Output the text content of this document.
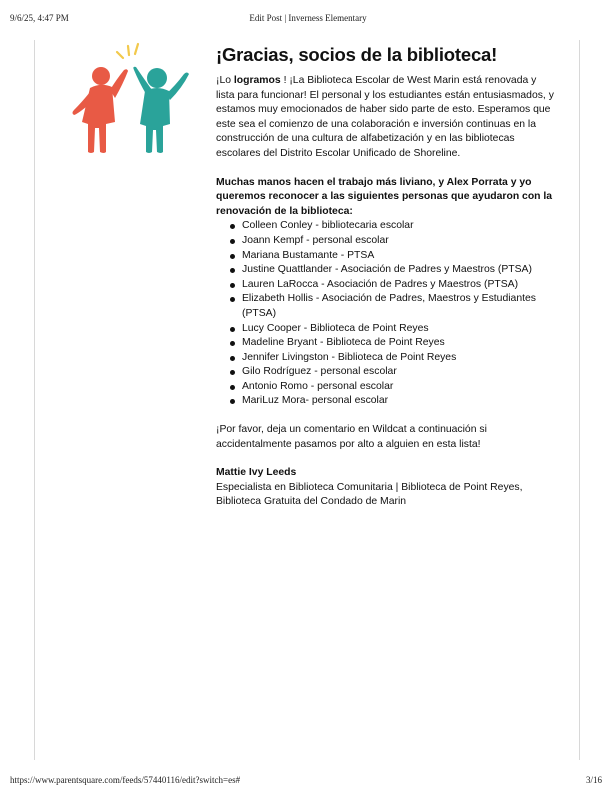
9/6/25, 4:47 PM	Edit Post | Inverness Elementary
¡Gracias, socios de la biblioteca!

¡Lo logramos ! ¡La Biblioteca Escolar de West Marin está renovada y lista para funcionar! El personal y los estudiantes están entusiasmados, y estamos muy emocionados de haber sido parte de esto. Esperamos que este sea el comienzo de una colaboración e inversión continuas en la construcción de una cultura de alfabetización y en las bibliotecas escolares del Distrito Escolar Unificado de Shoreline.

Muchas manos hacen el trabajo más liviano, y Alex Porrata y yo queremos reconocer a las siguientes personas que ayudaron con la renovación de la biblioteca:

Colleen Conley - bibliotecaria escolar
Joann Kempf - personal escolar
Mariana Bustamante - PTSA
Justine Quattlander - Asociación de Padres y Maestros (PTSA)
Lauren LaRocca - Asociación de Padres y Maestros (PTSA)
Elizabeth Hollis - Asociación de Padres, Maestros y Estudiantes (PTSA)
Lucy Cooper - Biblioteca de Point Reyes
Madeline Bryant - Biblioteca de Point Reyes
Jennifer Livingston - Biblioteca de Point Reyes
Gilo Rodríguez - personal escolar
Antonio Romo - personal escolar
MariLuz Mora- personal escolar

¡Por favor, deja un comentario en Wildcat a continuación si accidentalmente pasamos por alto a alguien en esta lista!

Mattie Ivy Leeds

Especialista en Biblioteca Comunitaria | Biblioteca de Point Reyes, Biblioteca Gratuita del Condado de Marin

https://www.parentsquare.com/feeds/57440116/edit?switch=es#	3/16
